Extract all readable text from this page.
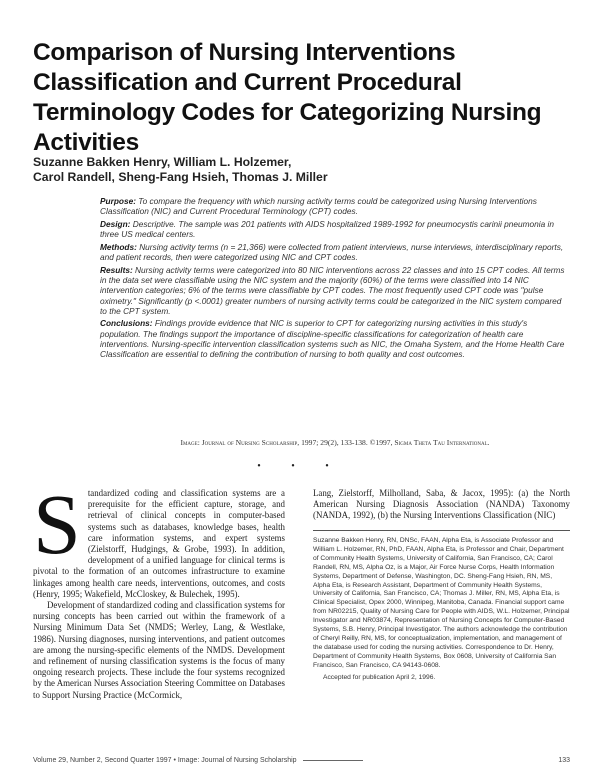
Comparison of Nursing Interventions Classification and Current Procedural Terminology Codes for Categorizing Nursing Activities
Suzanne Bakken Henry, William L. Holzemer,
Carol Randell, Sheng-Fang Hsieh, Thomas J. Miller

Purpose: To compare the frequency with which nursing activity terms could be categorized using Nursing Interventions Classification (NIC) and Current Procedural Terminology (CPT) codes.

Design: Descriptive. The sample was 201 patients with AIDS hospitalized 1989-1992 for pneumocystis carinii pneumonia in three US medical centers.

Methods: Nursing activity terms (n = 21,366) were collected from patient interviews, nurse interviews, interdisciplinary reports, and patient records, then were categorized using NIC and CPT codes.

Results: Nursing activity terms were categorized into 80 NIC interventions across 22 classes and into 15 CPT codes. All terms in the data set were classifiable using the NIC system and the majority (60%) of the terms were classified into 14 NIC intervention categories; 6% of the terms were classifiable by CPT codes. The most frequently used CPT code was "pulse oximetry." Significantly (p <.0001) greater numbers of nursing activity terms could be categorized in the NIC system compared to the CPT system.

Conclusions: Findings provide evidence that NIC is superior to CPT for categorizing nursing activities in this study's population. The findings support the importance of discipline-specific classifications for categorization of health care interventions. Nursing-specific intervention classification systems such as NIC, the Omaha System, and the Home Health Care Classification are essential to defining the contribution of nursing to both quality and cost outcomes.

Image: Journal of Nursing Scholarship, 1997; 29(2), 133-138. ©1997, Sigma Theta Tau International.
• • •

Standardized coding and classification systems are a prerequisite for the efficient capture, storage, and retrieval of clinical concepts in computer-based systems such as databases, knowledge bases, health care information systems, and expert systems (Zielstorff, Hudgings, & Grobe, 1993). In addition, development of a unified language for clinical terms is pivotal to the formation of an outcomes infrastructure to examine linkages among health care needs, interventions, outcomes, and costs (Henry, 1995; Wakefield, McCloskey, & Bulechek, 1995).

Development of standardized coding and classification systems for nursing concepts has been carried out within the framework of a Nursing Minimum Data Set (NMDS; Werley, Lang, & Westlake, 1986). Nursing diagnoses, nursing interventions, and patient outcomes are among the nursing-specific elements of the NMDS. Development and refinement of nursing classification systems is the focus of many ongoing research projects. These include the four systems recognized by the American Nurses Association Steering Committee on Databases to Support Nursing Practice (McCormick,

Lang, Zielstorff, Milholland, Saba, & Jacox, 1995): (a) the North American Nursing Diagnosis Association (NANDA) Taxonomy (NANDA, 1992), (b) the Nursing Interventions Classification (NIC)

Suzanne Bakken Henry, RN, DNSc, FAAN, Alpha Eta, is Associate Professor and William L. Holzemer, RN, PhD, FAAN, Alpha Eta, is Professor and Chair, Department of Community Health Systems, University of California, San Francisco, CA; Carol Randell, RN, MS, Alpha Oz, is a Major, Air Force Nurse Corps, Health Information Systems, Department of Defense, Washington, DC. Sheng-Fang Hsieh, RN, MS, Alpha Eta, is Research Assistant, Department of Community Health Systems, University of California, San Francisco, CA; Thomas J. Miller, RN, MS, Alpha Eta, is Clinical Specialist, Opex 2000, Winnipeg, Manitoba, Canada. Financial support came from NR02215, Quality of Nursing Care for People with AIDS, W.L. Holzemer, Principal Investigator and NR03874, Representation of Nursing Concepts for Computer-Based Systems, S.B. Henry, Principal Investigator. The authors acknowledge the contribution of Cheryl Reilly, RN, MS, for conceptualization, implementation, and management of the database used for coding the nursing activities. Correspondence to Dr. Henry, Department of Community Health Systems, Box 0608, University of California San Francisco, San Francisco, CA 94143-0608.

Accepted for publication April 2, 1996.

Volume 29, Number 2, Second Quarter 1997 • Image: Journal of Nursing Scholarship	133
